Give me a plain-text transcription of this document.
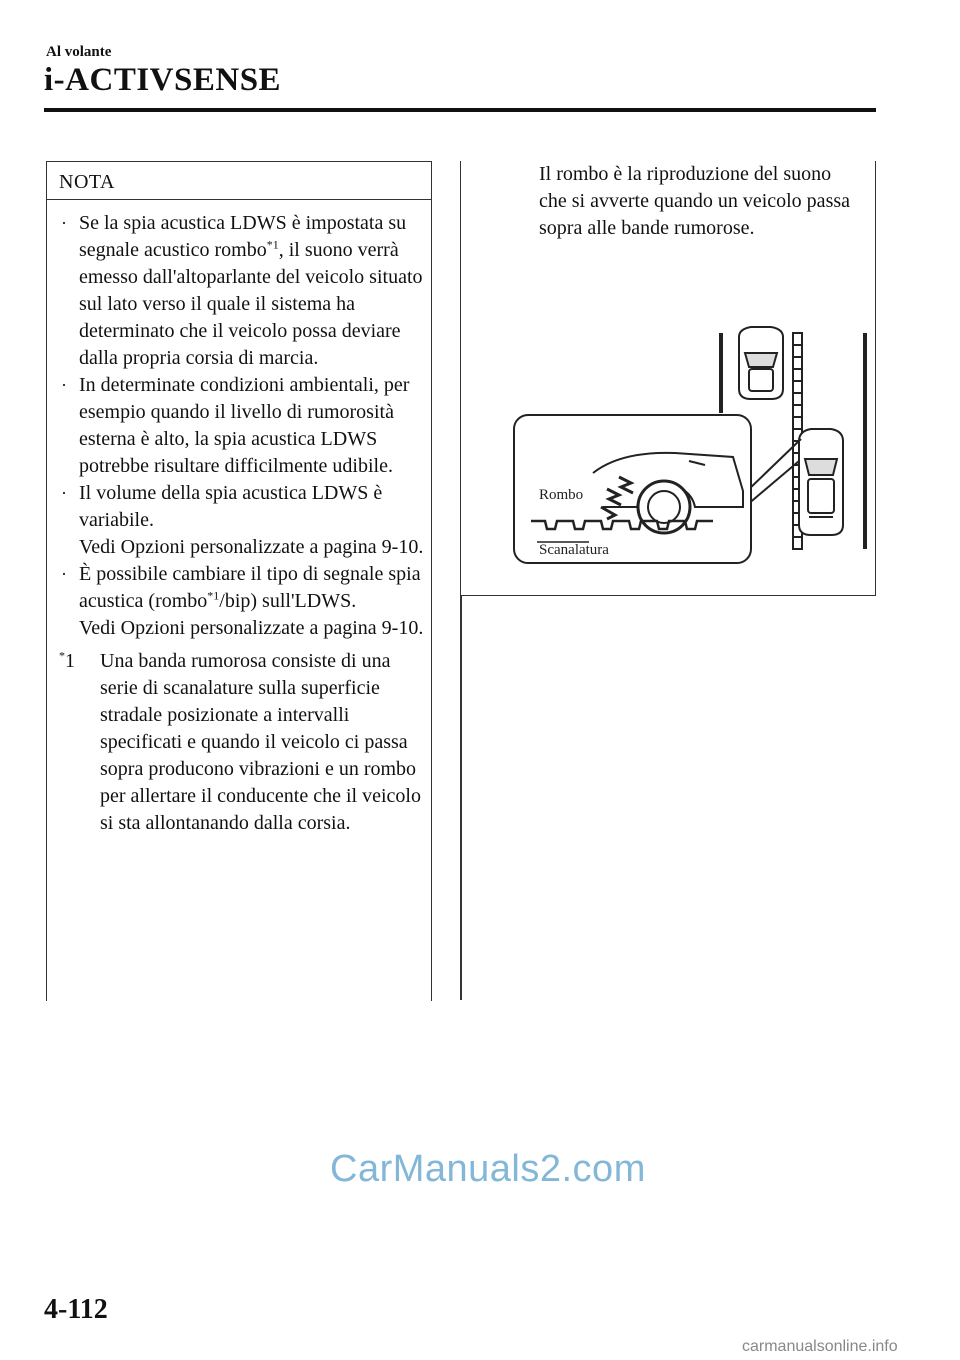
Al volante
i-ACTIVSENSE
NOTA
· Se la spia acustica LDWS è impostata su segnale acustico rombo$^{*1}$, il suono verrà emesso dall'altoparlante del veicolo situato sul lato verso il quale il sistema ha determinato che il veicolo possa deviare dalla propria corsia di marcia.
· In determinate condizioni ambientali, per esempio quando il livello di rumorosità esterna è alto, la spia acustica LDWS potrebbe risultare difficilmente udibile.
· Il volume della spia acustica LDWS è variabile.
Vedi Opzioni personalizzate a pagina 9-10.
· È possibile cambiare il tipo di segnale spia acustica (rombo$^{*1}$/bip) sull'LDWS.
Vedi Opzioni personalizzate a pagina 9-10.
*1 Una banda rumorosa consiste di una serie di scanalature sulla superficie stradale posizionate a intervalli specificati e quando il veicolo ci passa sopra producono vibrazioni e un rombo per allertare il conducente che il veicolo si sta allontanando dalla corsia.
Il rombo è la riproduzione del suono che si avverte quando un veicolo passa sopra alle bande rumorose.
Rombo
Scanalatura
CarManuals2.com
4-112
carmanualsonline.info
